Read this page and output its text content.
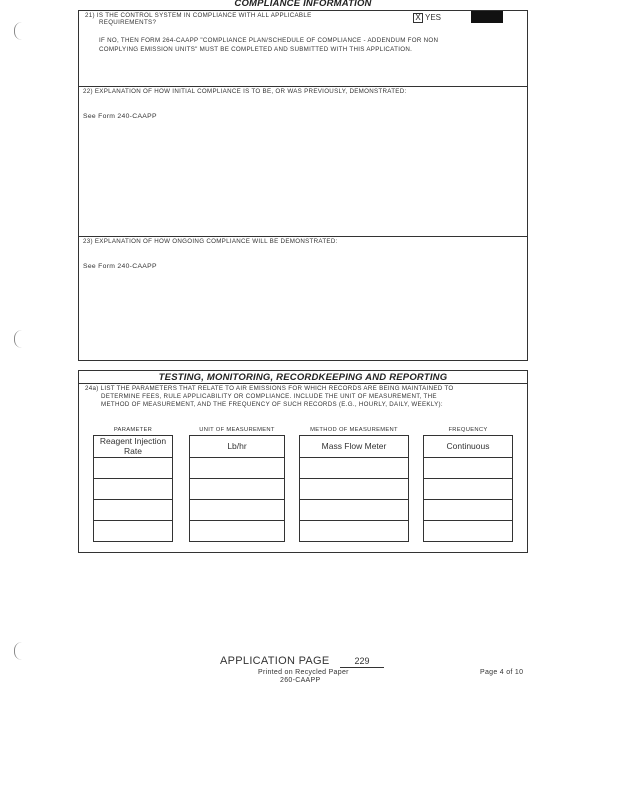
COMPLIANCE INFORMATION
21) IS THE CONTROL SYSTEM IN COMPLIANCE WITH ALL APPLICABLE
REQUIREMENTS?
X YES
IF NO, THEN FORM 264-CAAPP "COMPLIANCE PLAN/SCHEDULE OF COMPLIANCE - ADDENDUM FOR NON
COMPLYING EMISSION UNITS" MUST BE COMPLETED AND SUBMITTED WITH THIS APPLICATION.
22) EXPLANATION OF HOW INITIAL COMPLIANCE IS TO BE, OR WAS PREVIOUSLY, DEMONSTRATED:
See Form 240-CAAPP
23) EXPLANATION OF HOW ONGOING COMPLIANCE WILL BE DEMONSTRATED:
See Form 240-CAAPP
TESTING, MONITORING, RECORDKEEPING AND REPORTING
24a) LIST THE PARAMETERS THAT RELATE TO AIR EMISSIONS FOR WHICH RECORDS ARE BEING MAINTAINED TO
DETERMINE FEES, RULE APPLICABILITY OR COMPLIANCE. INCLUDE THE UNIT OF MEASUREMENT, THE
METHOD OF MEASUREMENT, AND THE FREQUENCY OF SUCH RECORDS (E.G., HOURLY, DAILY, WEEKLY):
PARAMETER	UNIT OF MEASUREMENT	METHOD OF MEASUREMENT	FREQUENCY
Reagent Injection
Rate	Lb/hr	Mass Flow Meter	Continuous
APPLICATION PAGE	229
Printed on Recycled Paper
260-CAAPP
Page 4 of 10
